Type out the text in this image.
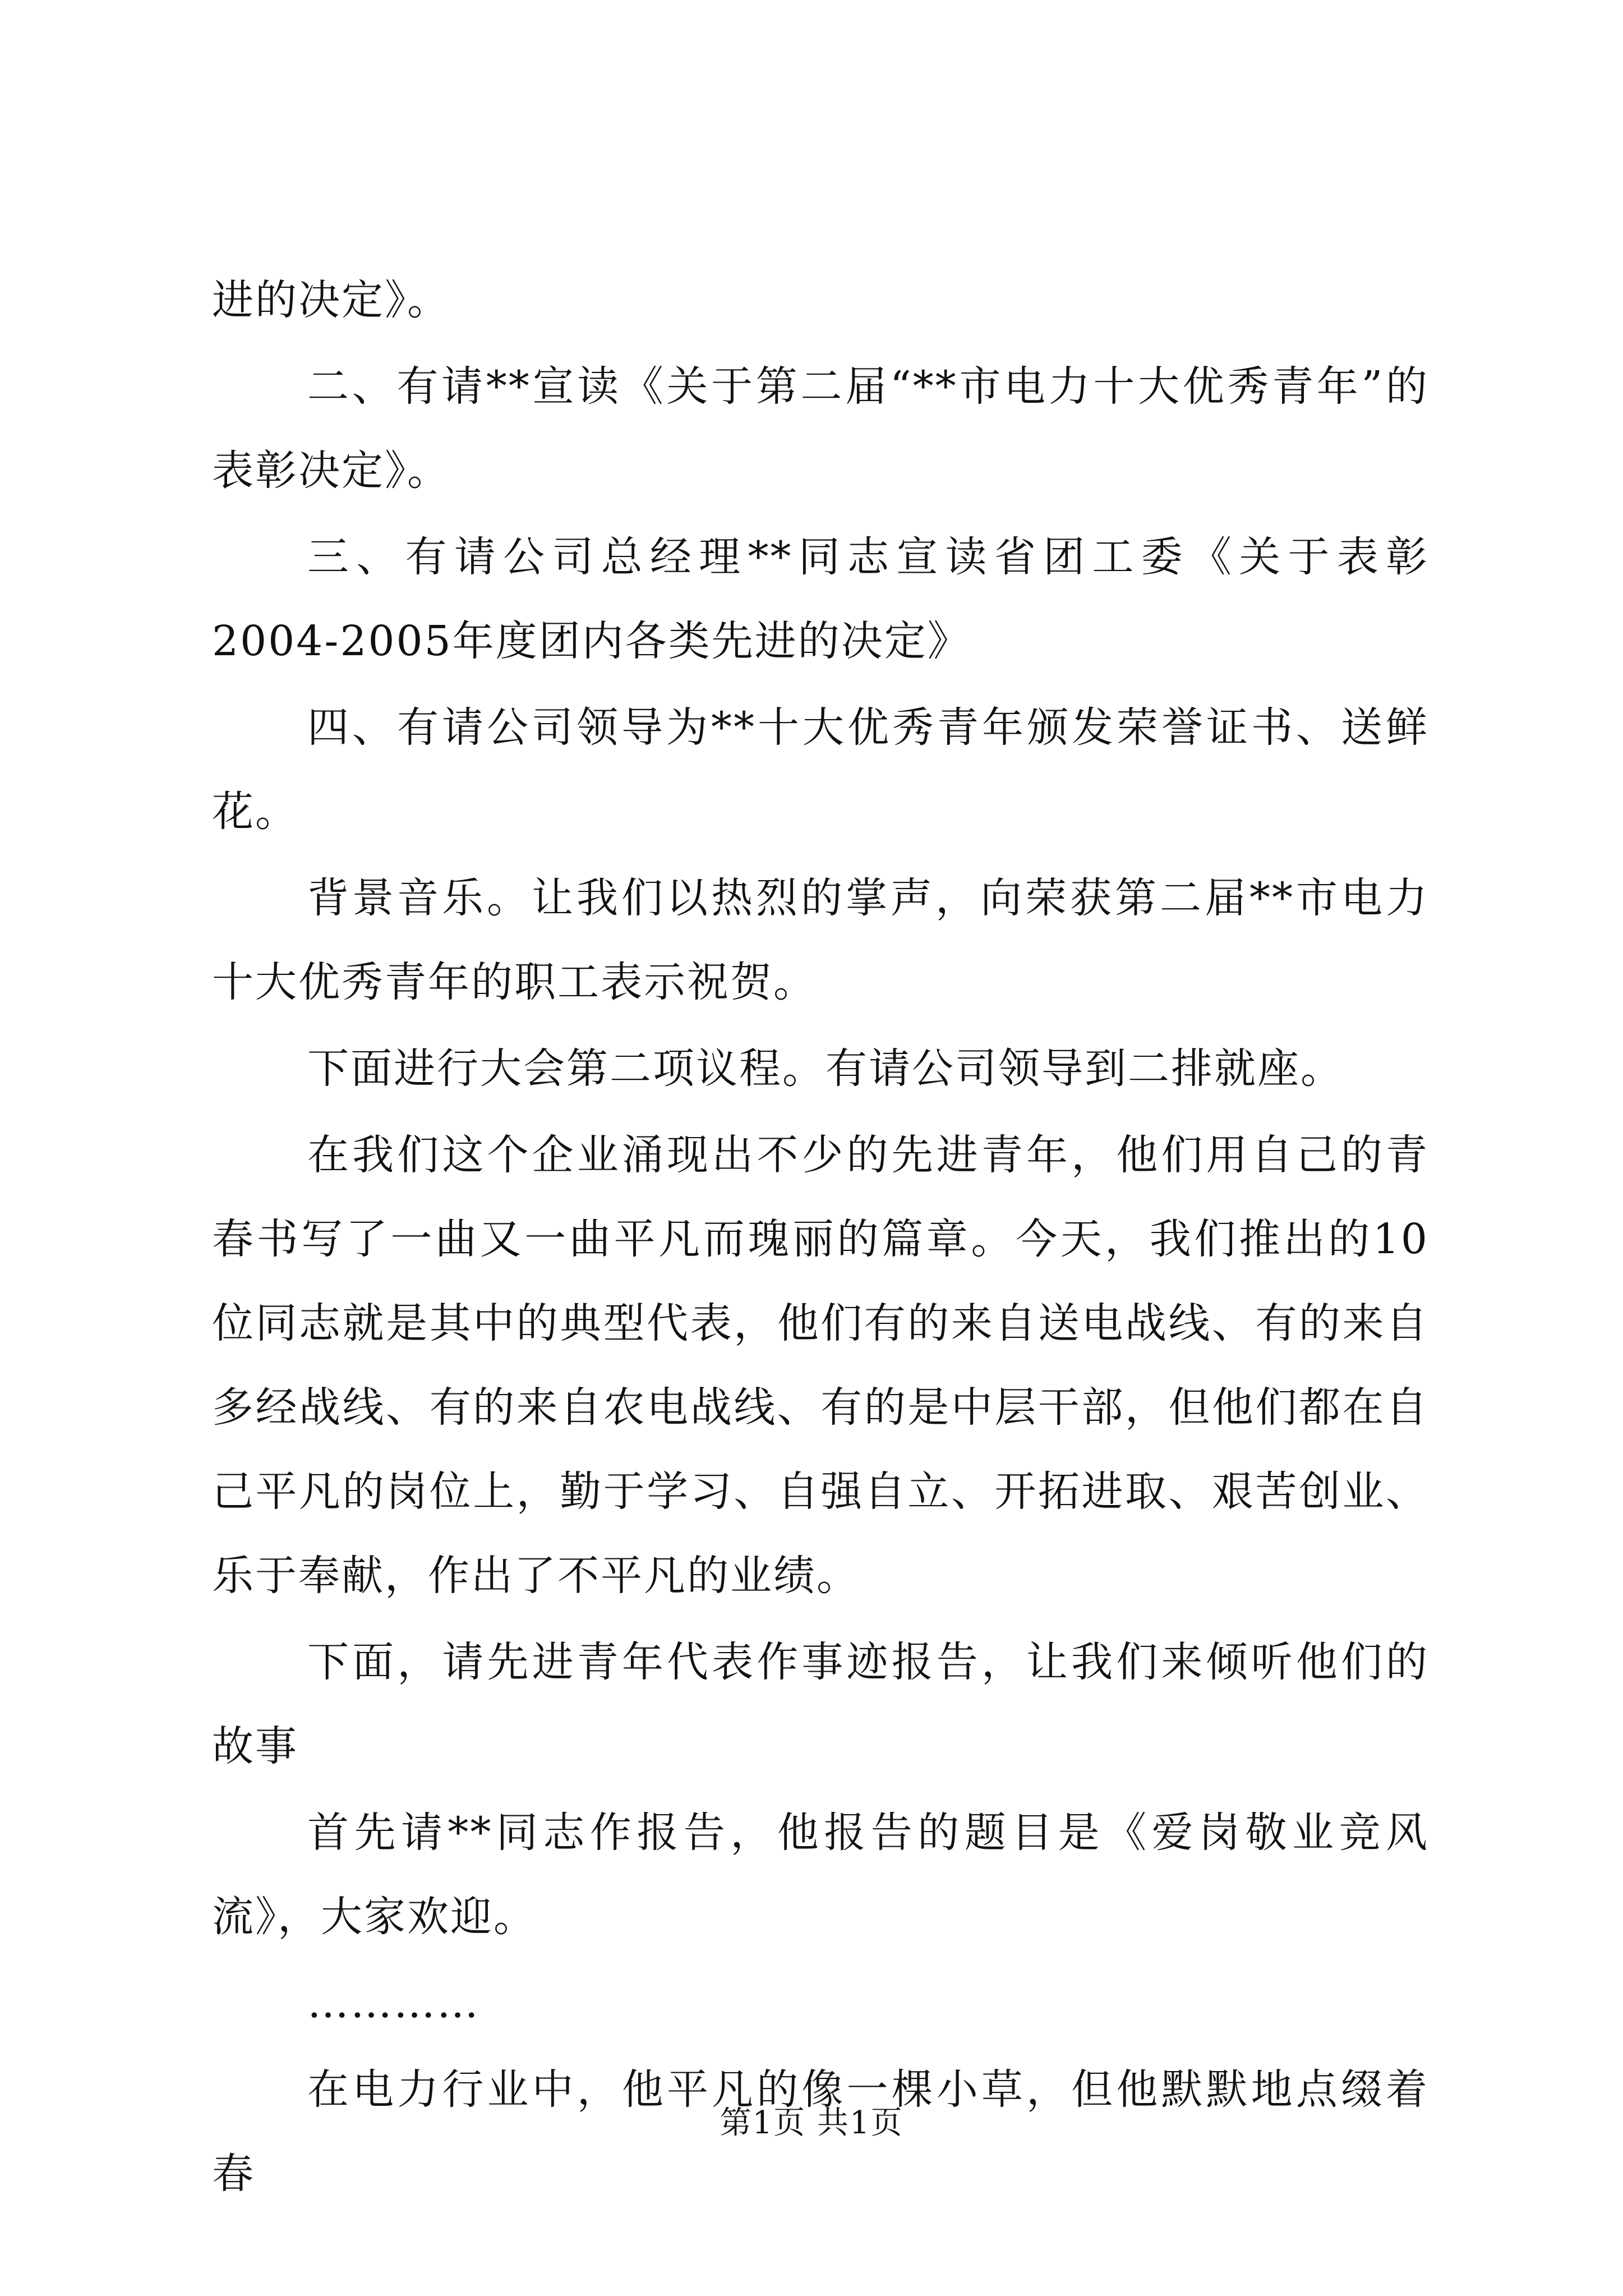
进的决定》。

二、有请**宣读《关于第二届“**市电力十大优秀青年”的表彰决定》。

三、有请公司总经理**同志宣读省团工委《关于表彰2004-2005年度团内各类先进的决定》

四、有请公司领导为**十大优秀青年颁发荣誉证书、送鲜花。

背景音乐。让我们以热烈的掌声，向荣获第二届**市电力十大优秀青年的职工表示祝贺。

下面进行大会第二项议程。有请公司领导到二排就座。

在我们这个企业涌现出不少的先进青年，他们用自己的青春书写了一曲又一曲平凡而瑰丽的篇章。今天，我们推出的10位同志就是其中的典型代表，他们有的来自送电战线、有的来自多经战线、有的来自农电战线、有的是中层干部，但他们都在自己平凡的岗位上，勤于学习、自强自立、开拓进取、艰苦创业、乐于奉献，作出了不平凡的业绩。

下面，请先进青年代表作事迹报告，让我们来倾听他们的故事

首先请**同志作报告，他报告的题目是《爱岗敬业竞风流》，大家欢迎。

…………

在电力行业中，他平凡的像一棵小草，但他默默地点缀着春

第1页 共1页
